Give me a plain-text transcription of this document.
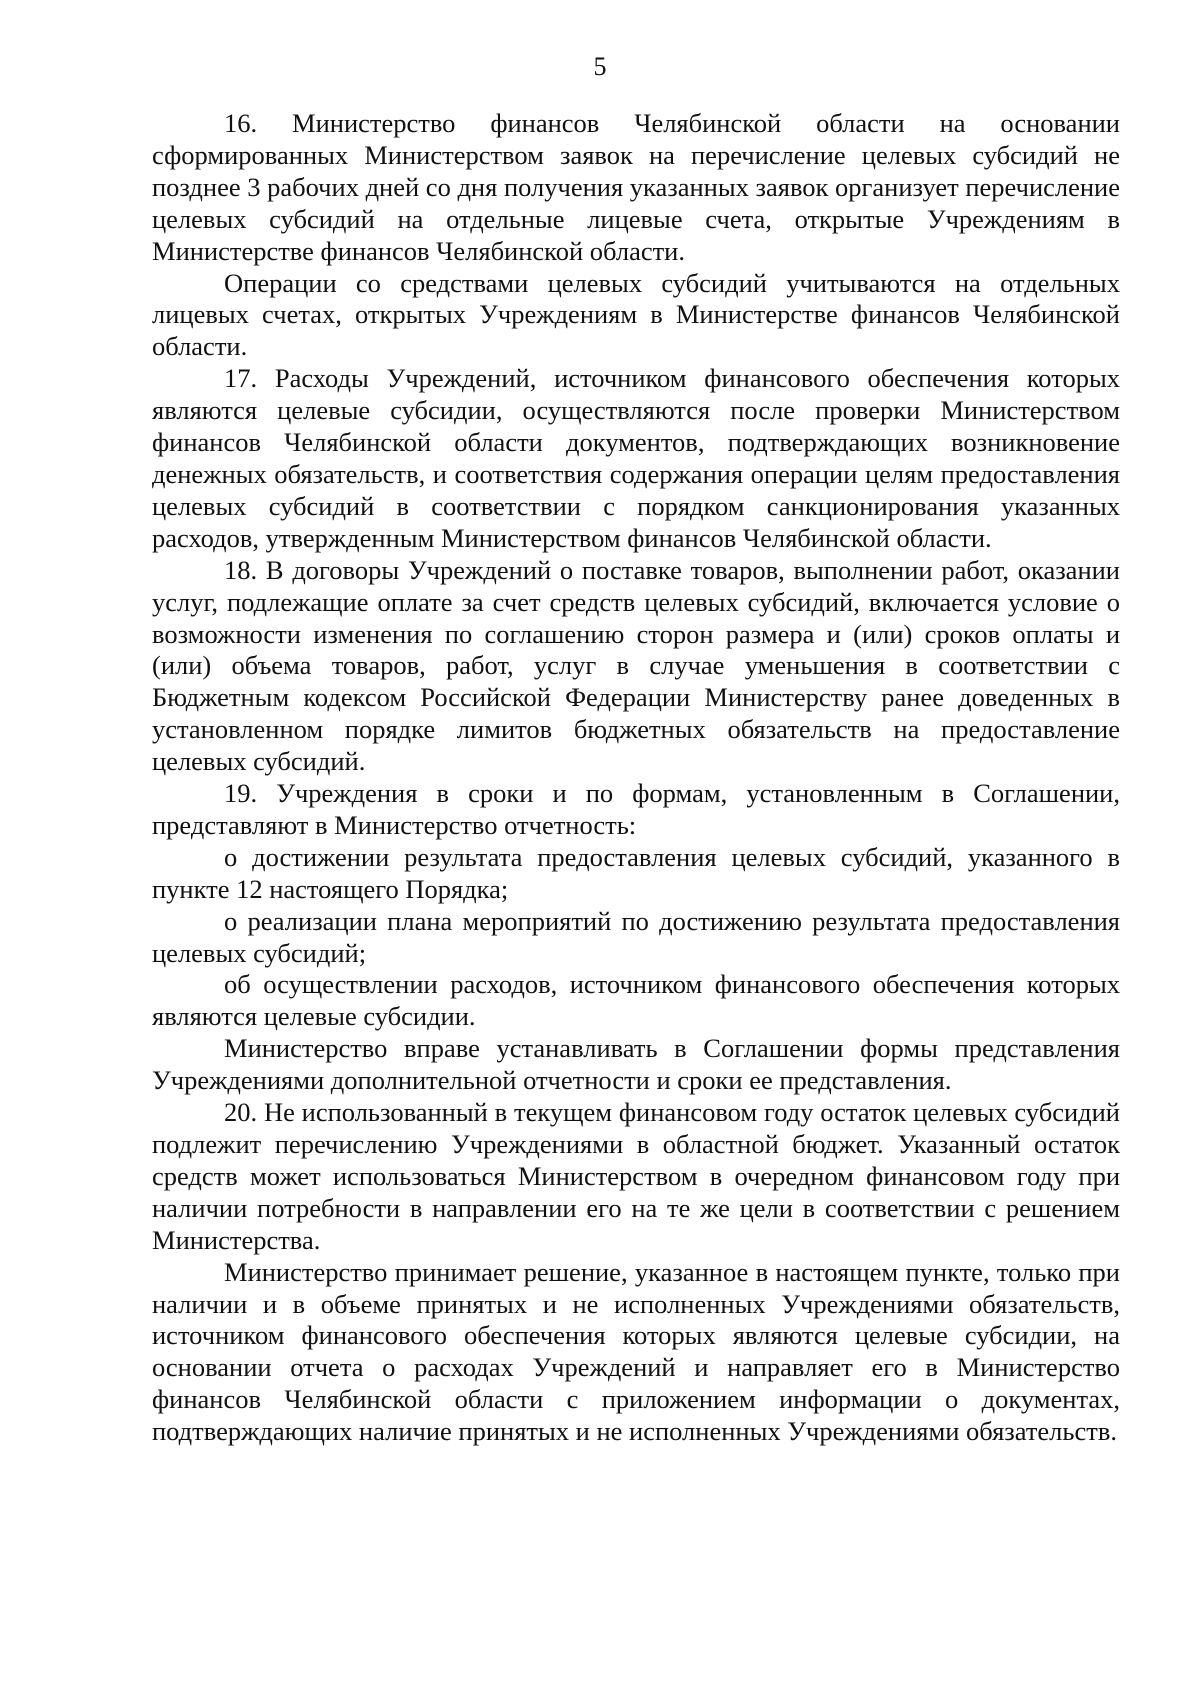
5

16. Министерство финансов Челябинской области на основании сформированных Министерством заявок на перечисление целевых субсидий не позднее 3 рабочих дней со дня получения указанных заявок организует перечисление целевых субсидий на отдельные лицевые счета, открытые Учреждениям в Министерстве финансов Челябинской области.

Операции со средствами целевых субсидий учитываются на отдельных лицевых счетах, открытых Учреждениям в Министерстве финансов Челябинской области.

17. Расходы Учреждений, источником финансового обеспечения которых являются целевые субсидии, осуществляются после проверки Министерством финансов Челябинской области документов, подтверждающих возникновение денежных обязательств, и соответствия содержания операции целям предоставления целевых субсидий в соответствии с порядком санкционирования указанных расходов, утвержденным Министерством финансов Челябинской области.

18. В договоры Учреждений о поставке товаров, выполнении работ, оказании услуг, подлежащие оплате за счет средств целевых субсидий, включается условие о возможности изменения по соглашению сторон размера и (или) сроков оплаты и (или) объема товаров, работ, услуг в случае уменьшения в соответствии с Бюджетным кодексом Российской Федерации Министерству ранее доведенных в установленном порядке лимитов бюджетных обязательств на предоставление целевых субсидий.

19. Учреждения в сроки и по формам, установленным в Соглашении, представляют в Министерство отчетность:

о достижении результата предоставления целевых субсидий, указанного в пункте 12 настоящего Порядка;

о реализации плана мероприятий по достижению результата предоставления целевых субсидий;

об осуществлении расходов, источником финансового обеспечения которых являются целевые субсидии.

Министерство вправе устанавливать в Соглашении формы представления Учреждениями дополнительной отчетности и сроки ее представления.

20. Не использованный в текущем финансовом году остаток целевых субсидий подлежит перечислению Учреждениями в областной бюджет. Указанный остаток средств может использоваться Министерством в очередном финансовом году при наличии потребности в направлении его на те же цели в соответствии с решением Министерства.

Министерство принимает решение, указанное в настоящем пункте, только при наличии и в объеме принятых и не исполненных Учреждениями обязательств, источником финансового обеспечения которых являются целевые субсидии, на основании отчета о расходах Учреждений и направляет его в Министерство финансов Челябинской области с приложением информации о документах, подтверждающих наличие принятых и не исполненных Учреждениями обязательств.
